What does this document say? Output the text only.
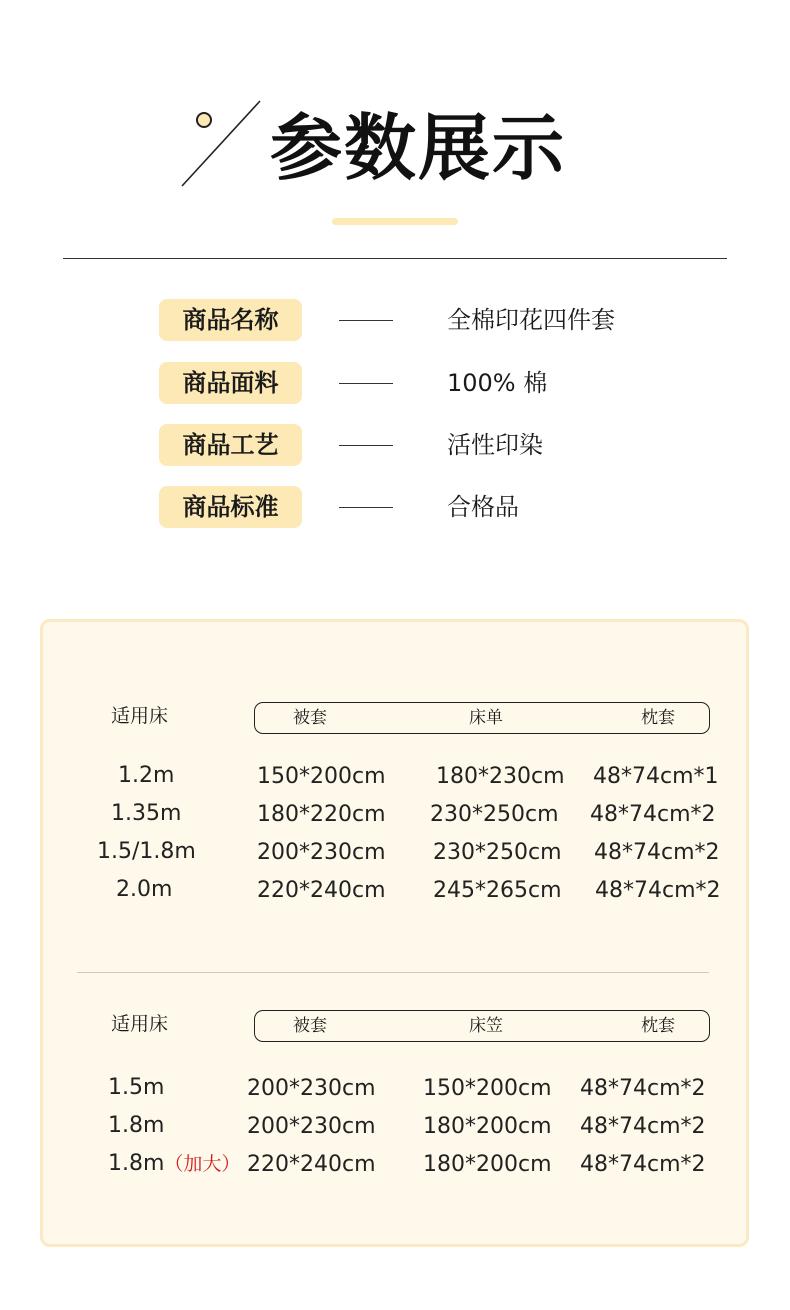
参数展示
商品名称	全棉印花四件套
商品面料	100% 棉
商品工艺	活性印染
商品标准	合格品
适用床	被套	床单	枕套
1.2m	150*200cm 180*230cm 48*74cm*1
1.35m	180*220cm 230*250cm 48*74cm*2
1.5/1.8m	200*230cm 230*250cm 48*74cm*2
2.0m	220*240cm 245*265cm 48*74cm*2
适用床	被套	床笠	枕套
1.5m	200*230cm 150*200cm 48*74cm*2
1.8m	200*230cm 180*200cm 48*74cm*2
1.8m（加大） 220*240cm 180*200cm 48*74cm*2
